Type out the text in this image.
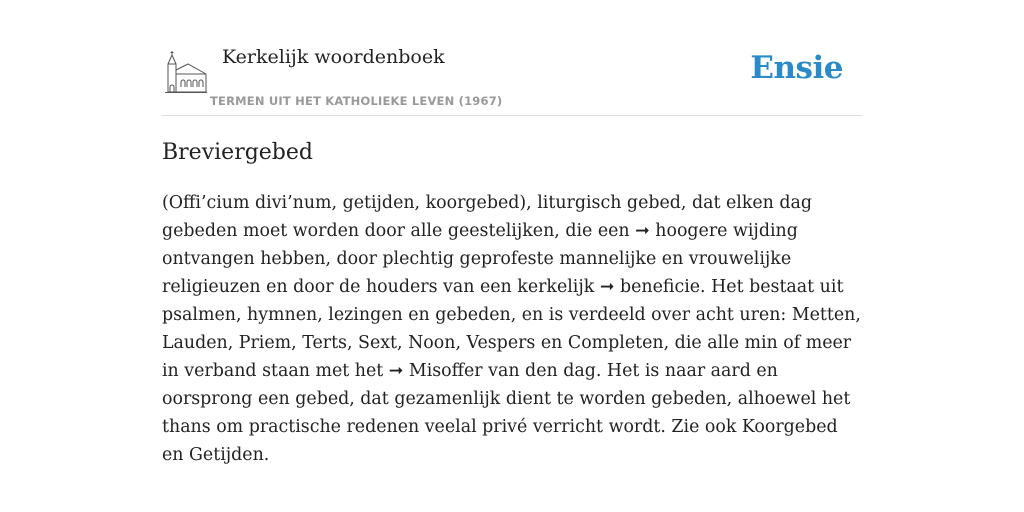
Kerkelijk woordenboek
TERMEN UIT HET KATHOLIEKE LEVEN (1967)
Ensie
Breviergebed

(Offi’cium divi’num, getijden, koorgebed), liturgisch gebed, dat elken dag gebeden moet worden door alle geestelijken, die een ➞ hoogere wijding ontvangen hebben, door plechtig geprofeste mannelijke en vrouwelijke religieuzen en door de houders van een kerkelijk ➞ beneficie. Het bestaat uit psalmen, hymnen, lezingen en gebeden, en is verdeeld over acht uren: Metten, Lauden, Priem, Terts, Sext, Noon, Vespers en Completen, die alle min of meer in verband staan met het ➞ Misoffer van den dag. Het is naar aard en oorsprong een gebed, dat gezamenlijk dient te worden gebeden, alhoewel het thans om practische redenen veelal privé verricht wordt. Zie ook Koorgebed en Getijden.
